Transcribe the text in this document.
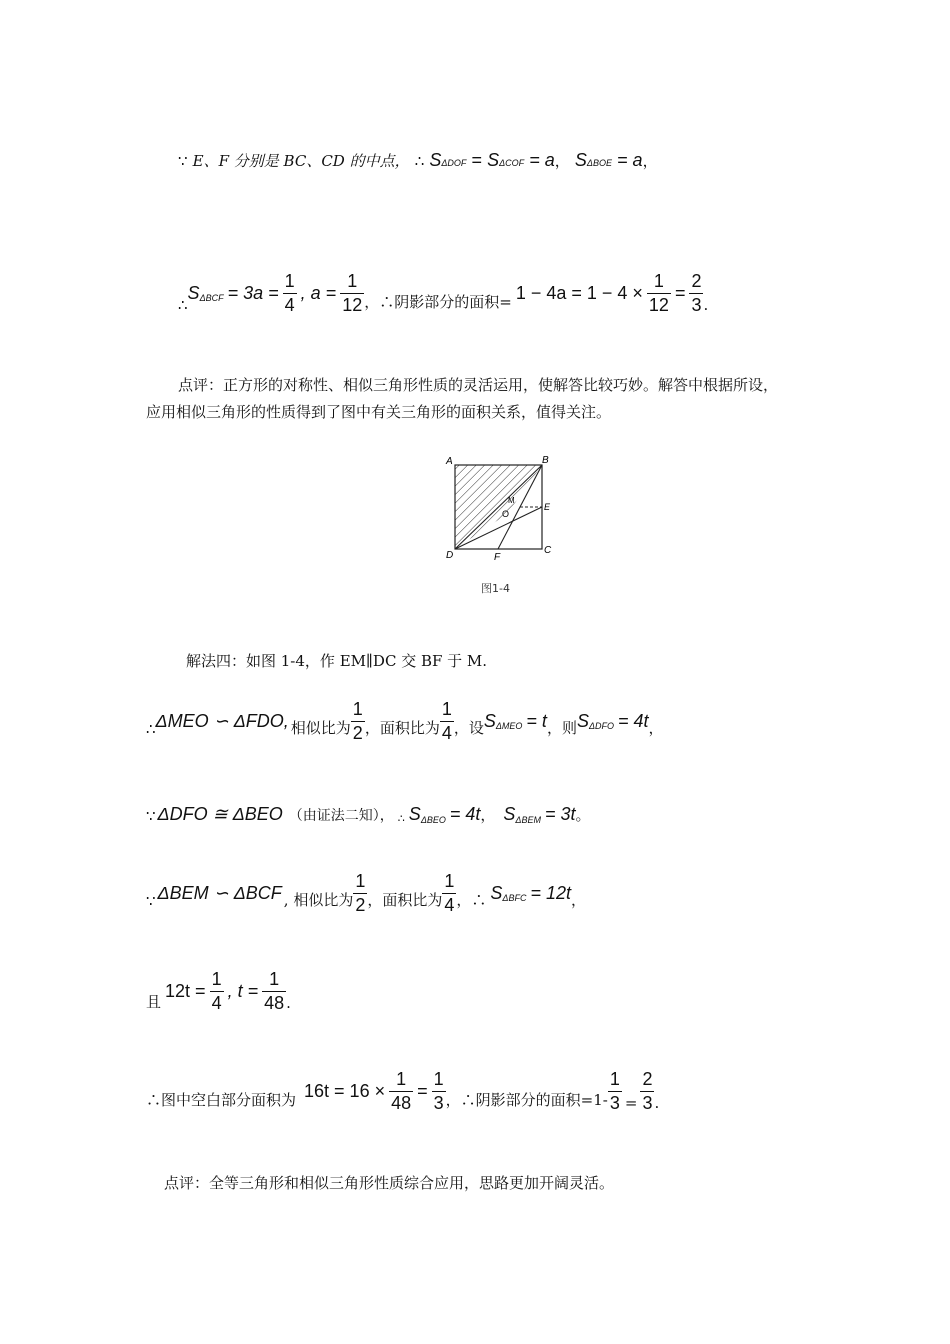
∵ E、F 分别是 BC、CD 的中点， ∴ SΔDOF = SΔCOF = a， SΔBOE = a，
∴
S $\Delta BCF = 3a = \frac{1}{4}$ , $a = \frac{1}{12}$ ，∴阴影部分的面积= $1 - 4a = 1 - 4 \times \frac{1}{12} = \frac{2}{3}$ .
点评：正方形的对称性、相似三角形性质的灵活运用，使解答比较巧妙。解答中根据所设，
应用相似三角形的性质得到了图中有关三角形的面积关系，值得关注。
A	B
C
D
E
F
M
O
图1-4
解法四：如图 1-4，作 EM∥DC 交 BF 于 M.
∴ ΔMEO ∽ ΔFDO, 相似比为 $\frac{1}{2}$ ，面积比为 $\frac{1}{4}$ ，设 S ΔMEO = t ，则 S ΔDFO = 4t ，
∵ ΔDFO ≅ ΔBEO （由证法二知）， ∴ S ΔBEO = 4t ， S ΔBEM = 3t 。
∵ ΔBEM ∽ ΔBCF , 相似比为 $\frac{1}{2}$ ，面积比为 $\frac{1}{4}$ ，∴ S ΔBFC = 12t ，
且
$12t = \frac{1}{4}$ , $t = \frac{1}{48}$ .
∴图中空白部分面积为 $16t = 16 \times \frac{1}{48} = \frac{1}{3}$ ，∴阴影部分的面积$=1- \frac{1}{3} = \frac{2}{3}$ .
点评：全等三角形和相似三角形性质综合应用，思路更加开阔灵活。
